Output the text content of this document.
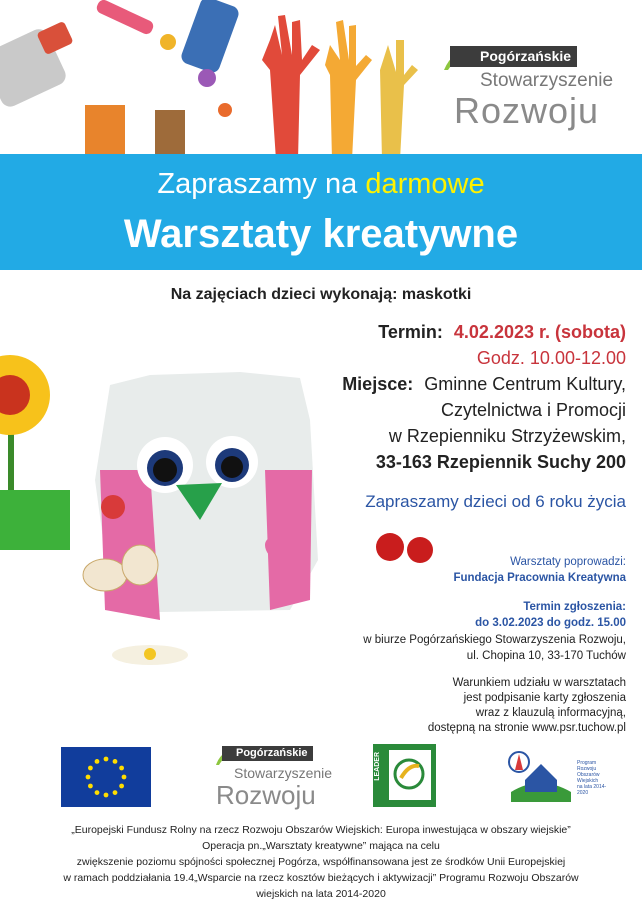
Pogórzańskie
Stowarzyszenie
Rozwoju
Zapraszamy na darmowe
Warsztaty kreatywne
Na zajęciach dzieci wykonają: maskotki
Termin: 4.02.2023 r. (sobota)
Godz. 10.00-12.00
Miejsce: Gminne Centrum Kultury,
Czytelnictwa i Promocji
w Rzepienniku Strzyżewskim,
33-163 Rzepiennik Suchy 200
Zapraszamy dzieci od 6 roku życia
Warsztaty poprowadzi:
Fundacja Pracownia Kreatywna
Termin zgłoszenia:
do 3.02.2023 do godz. 15.00
w biurze Pogórzańskiego Stowarzyszenia Rozwoju,
ul. Chopina 10, 33-170 Tuchów
Warunkiem udziału w warsztatach
jest podpisanie karty zgłoszenia
wraz z klauzulą informacyjną,
dostępną na stronie www.psr.tuchow.pl
Pogórzańskie
Stowarzyszenie
Rozwoju
LEADER	Program
Rozwoju
Obszarów
Wiejskich
na lata 2014-2020
„Europejski Fundusz Rolny na rzecz Rozwoju Obszarów Wiejskich: Europa inwestująca w obszary wiejskie”
Operacja pn.„Warsztaty kreatywne” mająca na celu
zwiększenie poziomu spójności społecznej Pogórza, współfinansowana jest ze środków Unii Europejskiej
w ramach poddziałania 19.4„Wsparcie na rzecz kosztów bieżących i aktywizacji” Programu Rozwoju Obszarów
wiejskich na lata 2014-2020
